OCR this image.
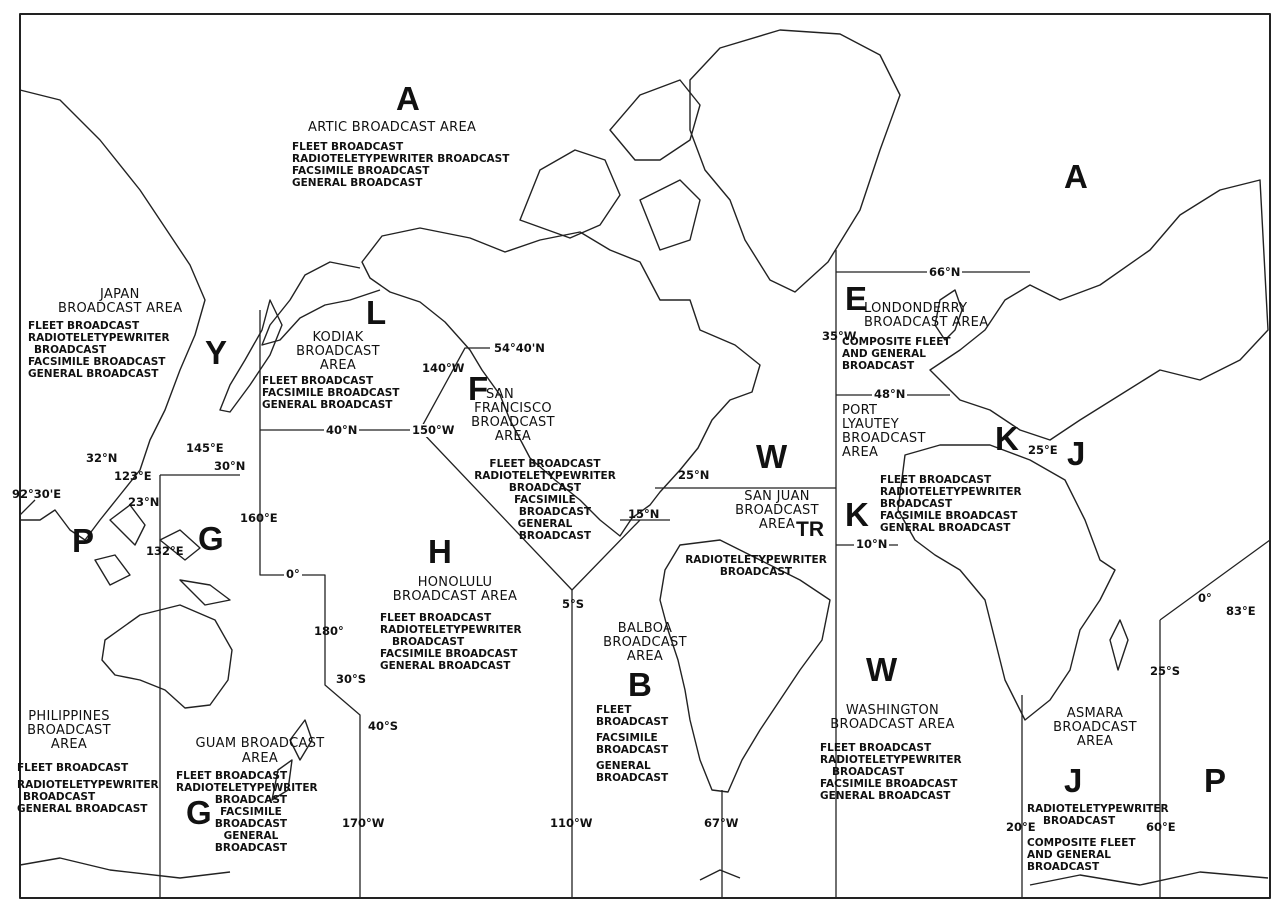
A
A
L
Y
E
F
W	K J
K
TR
P	G	H
B	W
J	P
G
ARTIC BROADCAST AREA
FLEET BROADCAST
RADIOTELETYPEWRITER BROADCAST
FACSIMILE BROADCAST
GENERAL BROADCAST
JAPAN
BROADCAST AREA
FLEET BROADCAST
RADIOTELETYPEWRITER
BROADCAST
FACSIMILE BROADCAST
GENERAL BROADCAST
KODIAK
BROADCAST
AREA
FLEET BROADCAST
FACSIMILE BROADCAST
GENERAL BROADCAST
SAN
FRANCISCO
BROADCAST
AREA
FLEET BROADCAST
RADIOTELETYPEWRITER
BROADCAST
FACSIMILE
BROADCAST
GENERAL
BROADCAST
LONDONDERRY
BROADCAST AREA
COMPOSITE FLEET
AND GENERAL
BROADCAST
PORT
LYAUTEY
BROADCAST
AREA
FLEET BROADCAST
RADIOTELETYPEWRITER
BROADCAST
FACSIMILE BROADCAST
GENERAL BROADCAST
SAN JUAN
BROADCAST
AREA
RADIOTELETYPEWRITER
BROADCAST
HONOLULU
BROADCAST AREA
FLEET BROADCAST
RADIOTELETYPEWRITER
BROADCAST
FACSIMILE BROADCAST
GENERAL BROADCAST
BALBOA
BROADCAST
AREA
FLEET
BROADCAST
FACSIMILE
BROADCAST
GENERAL
BROADCAST
WASHINGTON
BROADCAST AREA
FLEET BROADCAST
RADIOTELETYPEWRITER
BROADCAST
FACSIMILE BROADCAST
GENERAL BROADCAST
ASMARA
BROADCAST
AREA
RADIOTELETYPEWRITER
BROADCAST
COMPOSITE FLEET
AND GENERAL
BROADCAST
PHILIPPINES
BROADCAST
AREA
FLEET BROADCAST
RADIOTELETYPEWRITER
BROADCAST
GENERAL BROADCAST
GUAM BROADCAST AREA
FLEET BROADCAST
RADIOTELETYPEWRITER
BROADCAST
FACSIMILE
BROADCAST
GENERAL
BROADCAST
66°N
35°W
48°N
140°W
54°40'N
40°N	150°W
32°N
145°E
123°E
30°N
23°N
92°30'E
132°E
160°E
0°
25°N
15°N
10°N
25°E
180°
30°S
40°S
5°S
170°W	110°W	67°W	20°E	60°E
25°S
0°
83°E
